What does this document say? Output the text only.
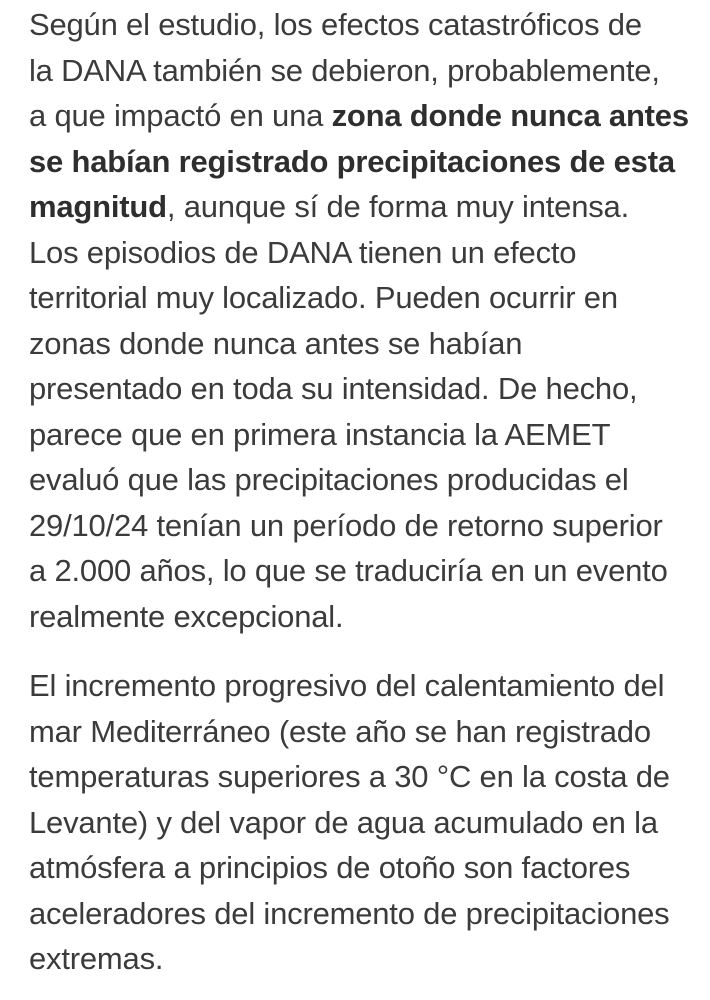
Según el estudio, los efectos catastróficos de
la DANA también se debieron, probablemente,
a que impactó en una zona donde nunca antes
se habían registrado precipitaciones de esta
magnitud, aunque sí de forma muy intensa.
Los episodios de DANA tienen un efecto
territorial muy localizado. Pueden ocurrir en
zonas donde nunca antes se habían
presentado en toda su intensidad. De hecho,
parece que en primera instancia la AEMET
evaluó que las precipitaciones producidas el
29/10/24 tenían un período de retorno superior
a 2.000 años, lo que se traduciría en un evento
realmente excepcional.

El incremento progresivo del calentamiento del
mar Mediterráneo (este año se han registrado
temperaturas superiores a 30 °C en la costa de
Levante) y del vapor de agua acumulado en la
atmósfera a principios de otoño son factores
aceleradores del incremento de precipitaciones
extremas.
